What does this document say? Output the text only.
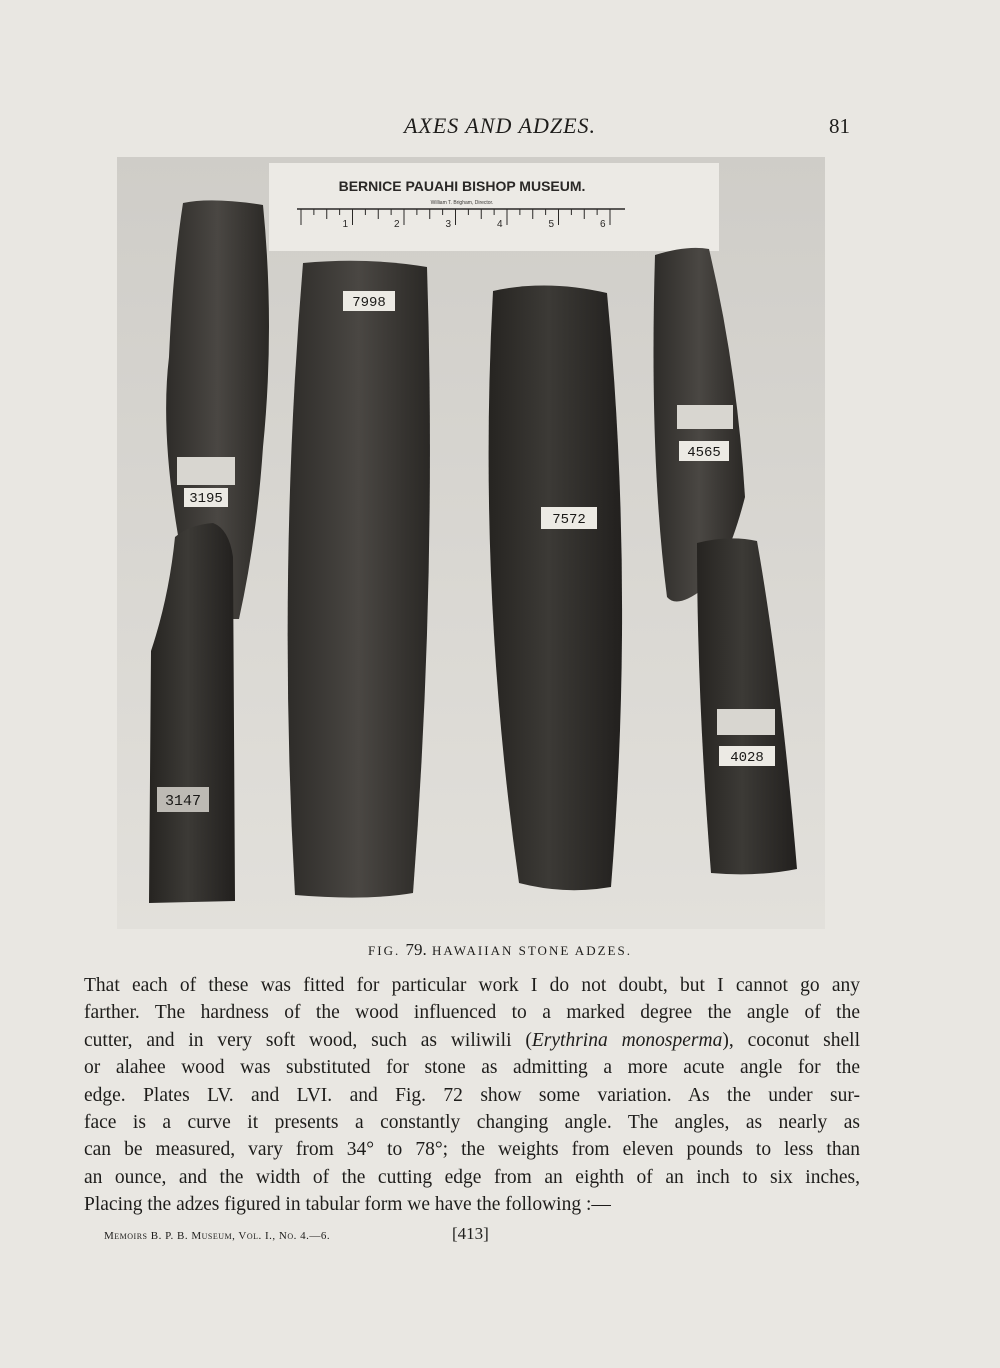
AXES AND ADZES.	81
BERNICE PAUAHI BISHOP MUSEUM.
William T. Brigham, Director.
1	2	3	4	5	6
3195
3147
7998
7572
4565
4028
FIG. 79. HAWAIIAN STONE ADZES.
That each of these was fitted for particular work I do not doubt, but I cannot go any
farther. The hardness of the wood influenced to a marked degree the angle of the
cutter, and in very soft wood, such as wiliwili (Erythrina monosperma), coconut shell
or alahee wood was substituted for stone as admitting a more acute angle for the
edge. Plates LV. and LVI. and Fig. 72 show some variation. As the under sur-
face is a curve it presents a constantly changing angle. The angles, as nearly as
can be measured, vary from 34° to 78°; the weights from eleven pounds to less than
an ounce, and the width of the cutting edge from an eighth of an inch to six inches,
Placing the adzes figured in tabular form we have the following :—
Memoirs B. P. B. Museum, Vol. I., No. 4.—6.	[413]
